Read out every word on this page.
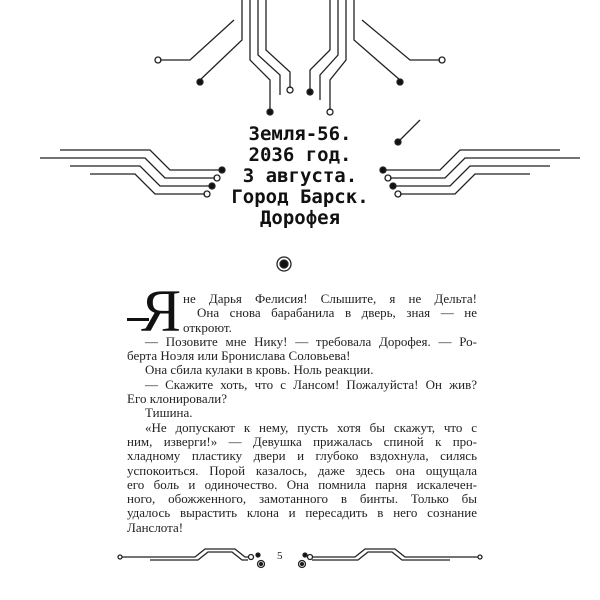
Земля-56.
2036 год.
3 августа.
Город Барск.
Дорофея
Я не Дарья Фелисия! Слышите, я не Дельта!
Она снова барабанила в дверь, зная — не
откроют.
— Позовите мне Нику! — требовала Дорофея. — Ро-
берта Ноэля или Бронислава Соловьева!
Она сбила кулаки в кровь. Ноль реакции.
— Скажите хоть, что с Лансом! Пожалуйста! Он жив?
Его клонировали?
Тишина.
«Не допускают к нему, пусть хотя бы скажут, что с
ним, изверги!» — Девушка прижалась спиной к про-
хладному пластику двери и глубоко вздохнула, силясь
успокоиться. Порой казалось, даже здесь она ощущала
его боль и одиночество. Она помнила парня искалечен-
ного, обожженного, замотанного в бинты. Только бы
удалось вырастить клона и пересадить в него сознание
Ланслота!
5
